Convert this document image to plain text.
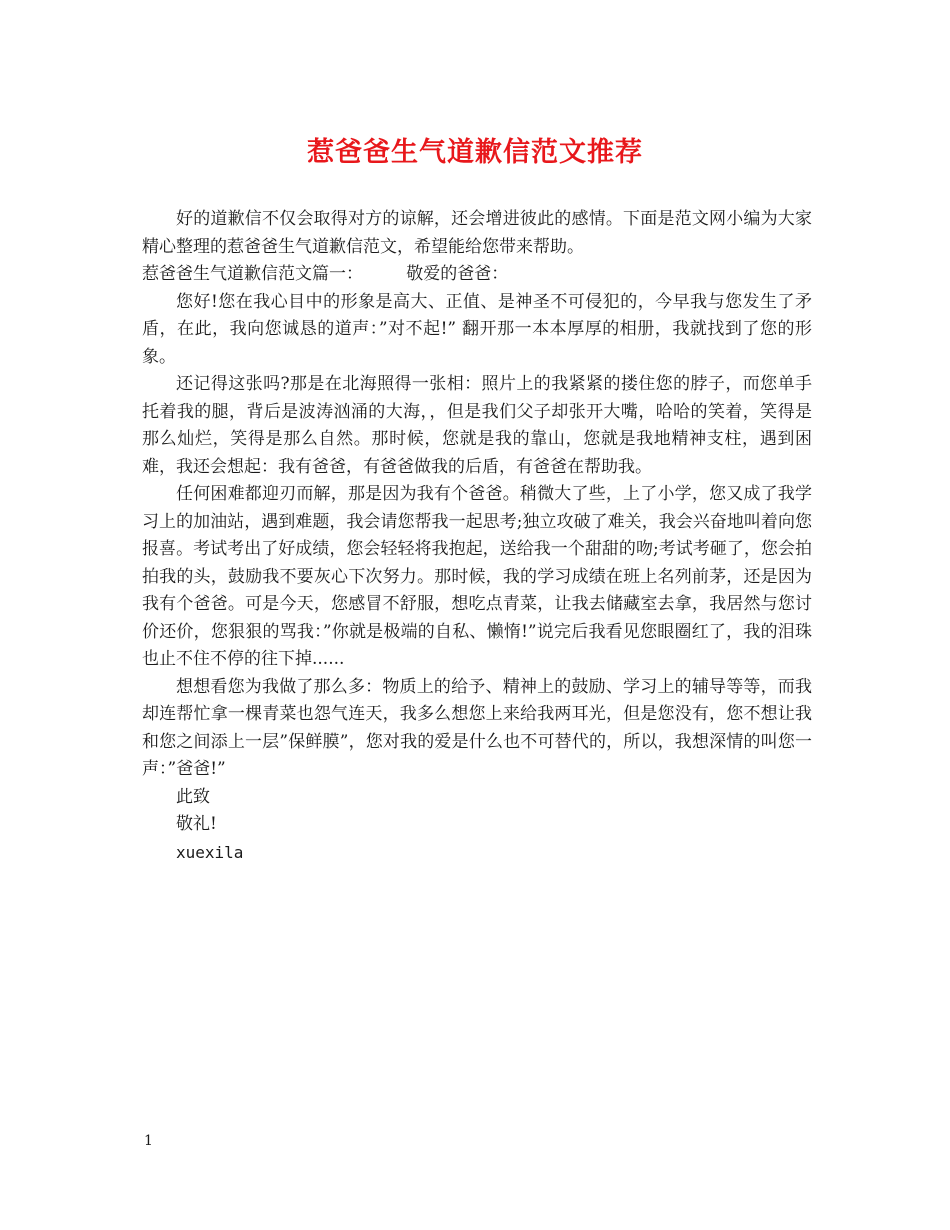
惹爸爸生气道歉信范文推荐

好的道歉信不仅会取得对方的谅解，还会增进彼此的感情。下面是范文网小编为大家精心整理的惹爸爸生气道歉信范文，希望能给您带来帮助。

惹爸爸生气道歉信范文篇一：	敬爱的爸爸：

您好!您在我心目中的形象是高大、正值、是神圣不可侵犯的，今早我与您发生了矛盾，在此，我向您诚恳的道声：”对不起!” 翻开那一本本厚厚的相册，我就找到了您的形象。

还记得这张吗?那是在北海照得一张相：照片上的我紧紧的搂住您的脖子，而您单手托着我的腿，背后是波涛汹涌的大海，，但是我们父子却张开大嘴，哈哈的笑着，笑得是那么灿烂，笑得是那么自然。那时候，您就是我的靠山，您就是我地精神支柱，遇到困难，我还会想起：我有爸爸，有爸爸做我的后盾，有爸爸在帮助我。

任何困难都迎刃而解，那是因为我有个爸爸。稍微大了些，上了小学，您又成了我学习上的加油站，遇到难题，我会请您帮我一起思考;独立攻破了难关，我会兴奋地叫着向您报喜。考试考出了好成绩，您会轻轻将我抱起，送给我一个甜甜的吻;考试考砸了，您会拍拍我的头，鼓励我不要灰心下次努力。那时候，我的学习成绩在班上名列前茅，还是因为我有个爸爸。可是今天，您感冒不舒服，想吃点青菜，让我去储藏室去拿，我居然与您讨价还价，您狠狠的骂我：”你就是极端的自私、懒惰!”说完后我看见您眼圈红了，我的泪珠也止不住不停的往下掉......

想想看您为我做了那么多：物质上的给予、精神上的鼓励、学习上的辅导等等，而我却连帮忙拿一棵青菜也怨气连天，我多么想您上来给我两耳光，但是您没有，您不想让我和您之间添上一层”保鲜膜”，您对我的爱是什么也不可替代的，所以，我想深情的叫您一声：”爸爸!”

此致

敬礼!

xuexila

1
